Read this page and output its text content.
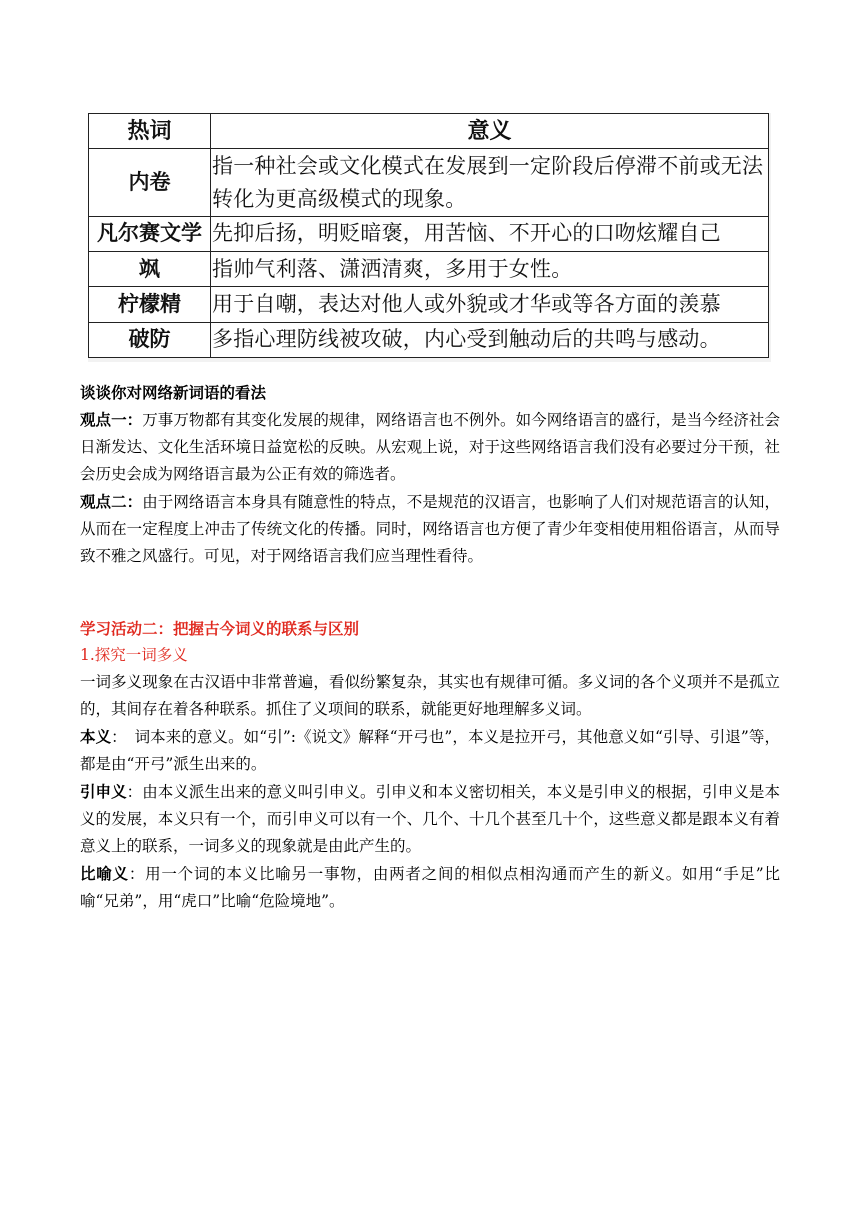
热词	意义
内卷	指一种社会或文化模式在发展到一定阶段后停滞不前或无法转化为更高级模式的现象。
凡尔赛文学	先抑后扬，明贬暗褒，用苦恼、不开心的口吻炫耀自己
飒	指帅气利落、潇洒清爽，多用于女性。
柠檬精	用于自嘲，表达对他人或外貌或才华或等各方面的羡慕
破防	多指心理防线被攻破，内心受到触动后的共鸣与感动。

谈谈你对网络新词语的看法

观点一：万事万物都有其变化发展的规律，网络语言也不例外。如今网络语言的盛行，是当今经济社会日渐发达、文化生活环境日益宽松的反映。从宏观上说，对于这些网络语言我们没有必要过分干预，社会历史会成为网络语言最为公正有效的筛选者。

观点二：由于网络语言本身具有随意性的特点，不是规范的汉语言，也影响了人们对规范语言的认知，从而在一定程度上冲击了传统文化的传播。同时，网络语言也方便了青少年变相使用粗俗语言，从而导致不雅之风盛行。可见，对于网络语言我们应当理性看待。

学习活动二：把握古今词义的联系与区别

1.探究一词多义

一词多义现象在古汉语中非常普遍，看似纷繁复杂，其实也有规律可循。多义词的各个义项并不是孤立的，其间存在着各种联系。抓住了义项间的联系，就能更好地理解多义词。

本义：　词本来的意义。如“引”:《说文》解释“开弓也”，本义是拉开弓，其他意义如“引导、引退”等，都是由“开弓”派生出来的。

引申义：由本义派生出来的意义叫引申义。引申义和本义密切相关，本义是引申义的根据，引申义是本义的发展，本义只有一个，而引申义可以有一个、几个、十几个甚至几十个，这些意义都是跟本义有着意义上的联系，一词多义的现象就是由此产生的。

比喻义：用一个词的本义比喻另一事物，由两者之间的相似点相沟通而产生的新义。如用“手足”比喻“兄弟”，用“虎口”比喻“危险境地”。
